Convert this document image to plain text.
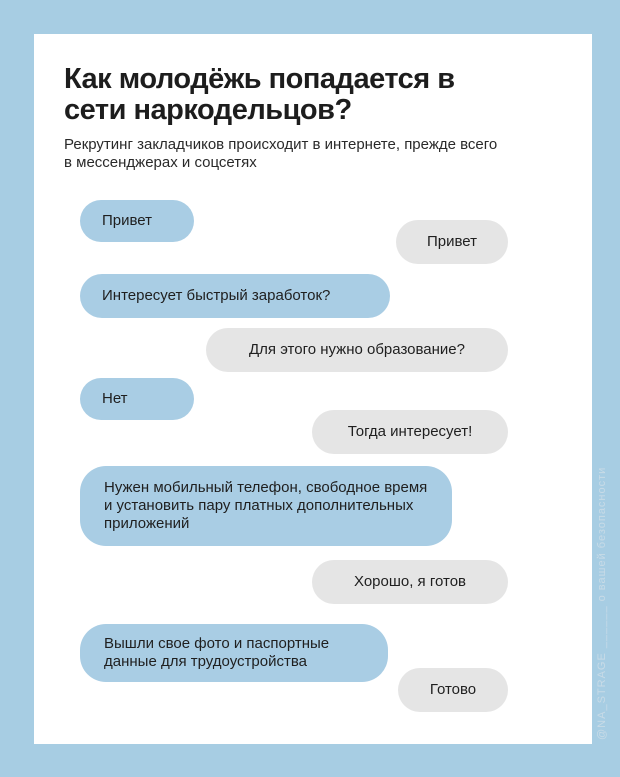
Как молодёжь попадается в сети наркодельцов?

Рекрутинг закладчиков происходит в интернете, прежде всего в мессенджерах и соцсетях

Привет
Привет
Интересует быстрый заработок?
Для этого нужно образование?
Нет
Тогда интересует!
Нужен мобильный телефон, свободное время и установить пару платных дополнительных приложений
Хорошо, я готов
Вышли свое фото и паспортные данные для трудоустройства
Готово	@NA_STRAGE ______ о вашей безопасности
